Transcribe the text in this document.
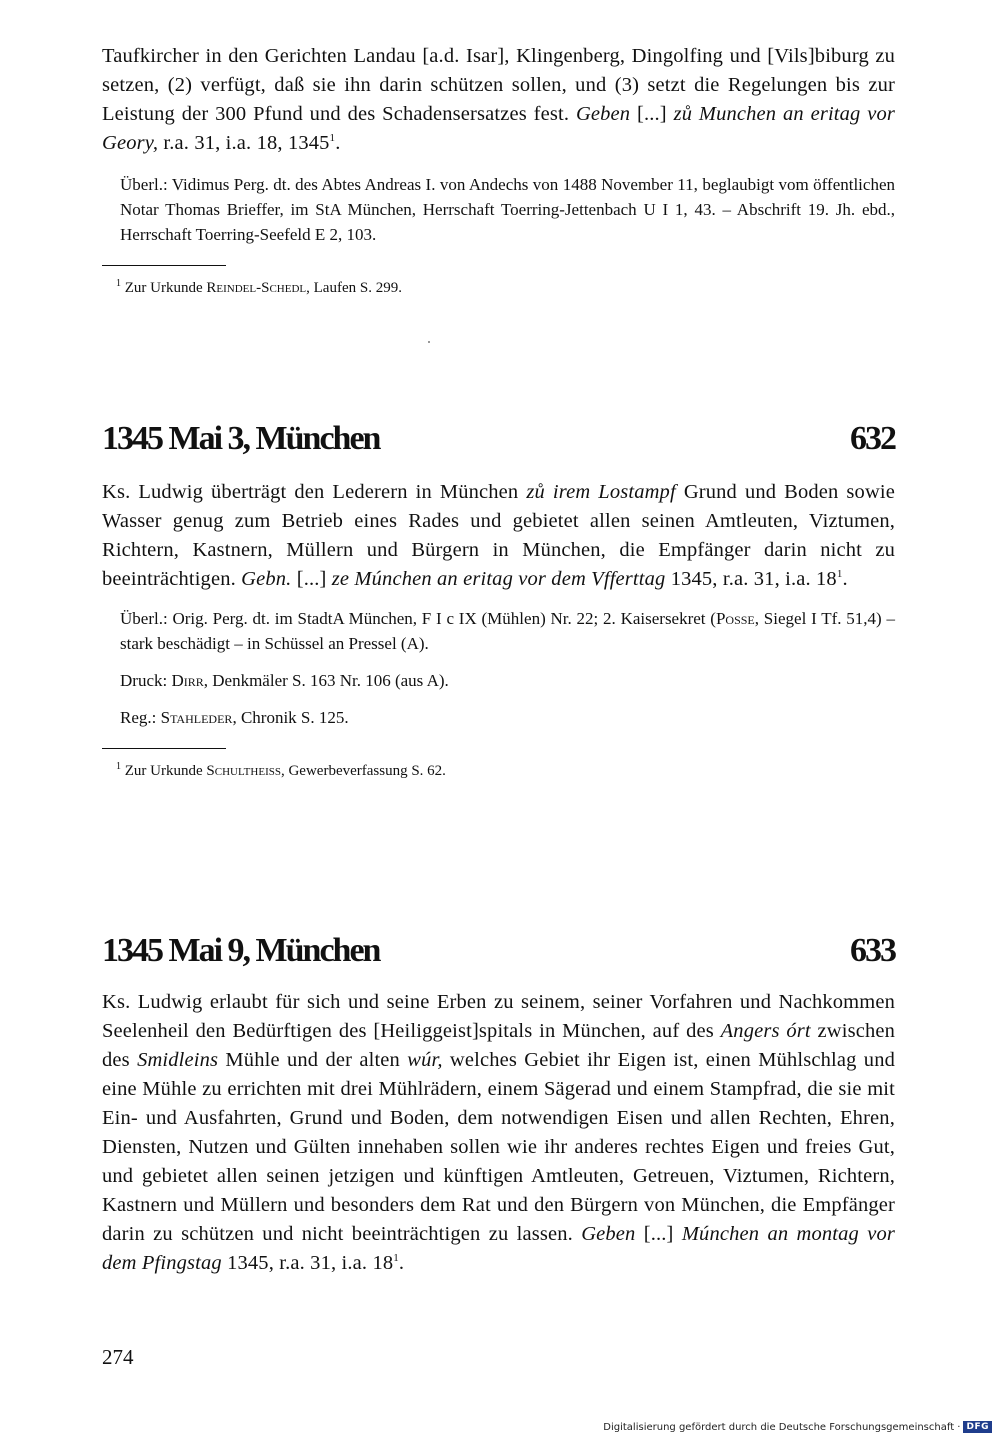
Taufkircher in den Gerichten Landau [a.d. Isar], Klingenberg, Dingolfing und [Vils]biburg zu setzen, (2) verfügt, daß sie ihn darin schützen sollen, und (3) setzt die Regelungen bis zur Leistung der 300 Pfund und des Schadensersatzes fest. Geben [...] zů Munchen an eritag vor Geory, r.a. 31, i.a. 18, 1345$^1$.

Überl.: Vidimus Perg. dt. des Abtes Andreas I. von Andechs von 1488 November 11, beglaubigt vom öffentlichen Notar Thomas Brieffer, im StA München, Herrschaft Toerring-Jettenbach U I 1, 43. – Abschrift 19. Jh. ebd., Herrschaft Toerring-Seefeld E 2, 103.

$^1$ Zur Urkunde Reindel-Schedl, Laufen S. 299.

1345 Mai 3, München	632

Ks. Ludwig überträgt den Lederern in München zů irem Lostampf Grund und Boden sowie Wasser genug zum Betrieb eines Rades und gebietet allen seinen Amtleuten, Viztumen, Richtern, Kastnern, Müllern und Bürgern in München, die Empfänger darin nicht zu beeinträchtigen. Gebn. [...] ze Múnchen an eritag vor dem Vfferttag 1345, r.a. 31, i.a. $18^1$.

Überl.: Orig. Perg. dt. im StadtA München, F I c IX (Mühlen) Nr. 22; 2. Kaisersekret (Posse, Siegel I Tf. 51,4) – stark beschädigt – in Schüssel an Pressel (A).

Druck: Dirr, Denkmäler S. 163 Nr. 106 (aus A).

Reg.: Stahleder, Chronik S. 125.

$^1$ Zur Urkunde Schultheiss, Gewerbeverfassung S. 62.

1345 Mai 9, München	633

Ks. Ludwig erlaubt für sich und seine Erben zu seinem, seiner Vorfahren und Nachkommen Seelenheil den Bedürftigen des [Heiliggeist]spitals in München, auf des Angers órt zwischen des Smidleins Mühle und der alten wúr, welches Gebiet ihr Eigen ist, einen Mühlschlag und eine Mühle zu errichten mit drei Mühlrädern, einem Sägerad und einem Stampfrad, die sie mit Ein- und Ausfahrten, Grund und Boden, dem notwendigen Eisen und allen Rechten, Ehren, Diensten, Nutzen und Gülten innehaben sollen wie ihr anderes rechtes Eigen und freies Gut, und gebietet allen seinen jetzigen und künftigen Amtleuten, Getreuen, Viztumen, Richtern, Kastnern und Müllern und besonders dem Rat und den Bürgern von München, die Empfänger darin zu schützen und nicht beeinträchtigen zu lassen. Geben [...] Múnchen an montag vor dem Pfingstag 1345, r.a. 31, i.a. $18^1$.

274
Digitalisierung gefördert durch die Deutsche Forschungsgemeinschaft · DFG
